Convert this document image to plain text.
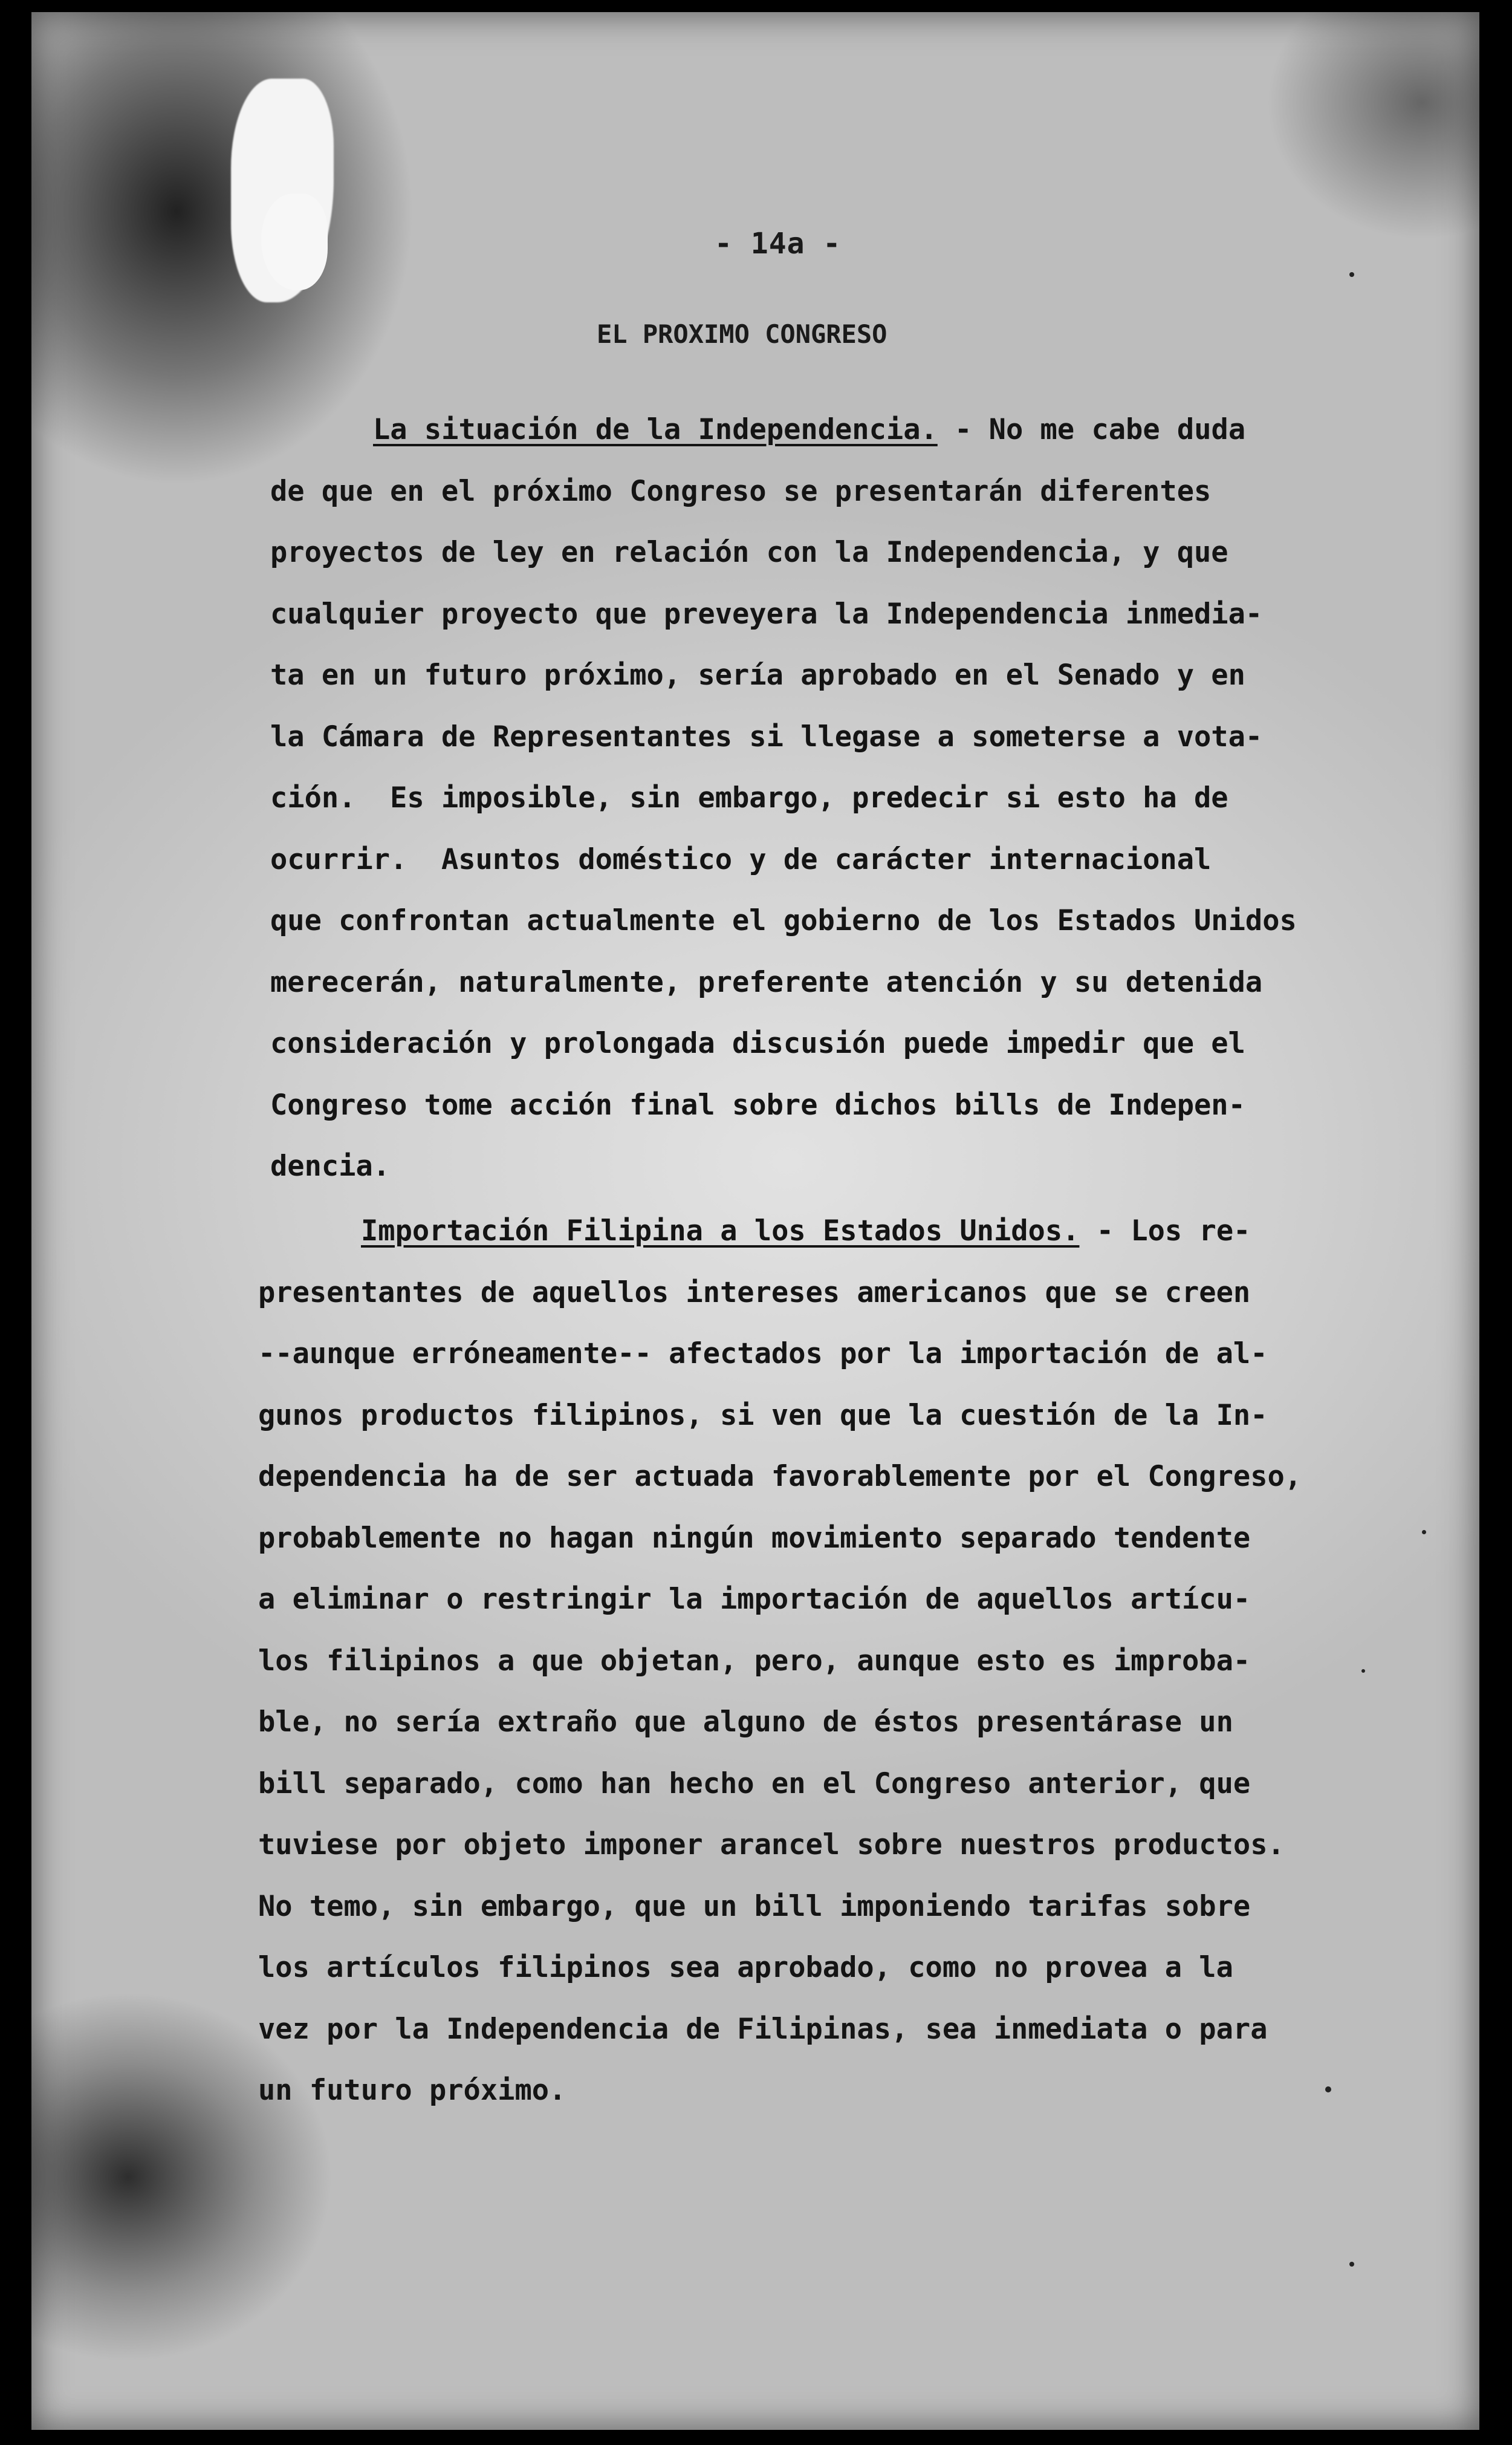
- 14a -
EL PROXIMO CONGRESO
La situación de la Independencia. - No me cabe duda
de que en el próximo Congreso se presentarán diferentes
proyectos de ley en relación con la Independencia, y que
cualquier proyecto que preveyera la Independencia inmedia-
ta en un futuro próximo, sería aprobado en el Senado y en
la Cámara de Representantes si llegase a someterse a vota-
ción.  Es imposible, sin embargo, predecir si esto ha de
ocurrir.  Asuntos doméstico y de carácter internacional
que confrontan actualmente el gobierno de los Estados Unidos
merecerán, naturalmente, preferente atención y su detenida
consideración y prolongada discusión puede impedir que el
Congreso tome acción final sobre dichos bills de Indepen-
dencia.
Importación Filipina a los Estados Unidos. - Los re-
presentantes de aquellos intereses americanos que se creen
--aunque erróneamente-- afectados por la importación de al-
gunos productos filipinos, si ven que la cuestión de la In-
dependencia ha de ser actuada favorablemente por el Congreso,
probablemente no hagan ningún movimiento separado tendente
a eliminar o restringir la importación de aquellos artícu-
los filipinos a que objetan, pero, aunque esto es improba-
ble, no sería extraño que alguno de éstos presentárase un
bill separado, como han hecho en el Congreso anterior, que
tuviese por objeto imponer arancel sobre nuestros productos.
No temo, sin embargo, que un bill imponiendo tarifas sobre
los artículos filipinos sea aprobado, como no provea a la
vez por la Independencia de Filipinas, sea inmediata o para
un futuro próximo.
